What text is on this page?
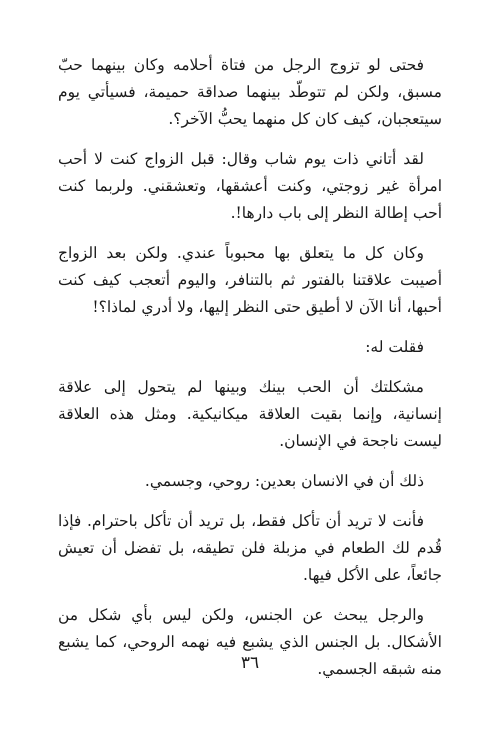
فحتى لو تزوج الرجل من فتاة أحلامه وكان بينهما حبّ مسبق، ولكن لم تتوطّد بينهما صداقة حميمة، فسيأتي يوم سيتعجبان، كيف كان كل منهما يحبُّ الآخر؟.

لقد أتاني ذات يوم شاب وقال: قبل الزواج كنت لا أحب امرأة غير زوجتي، وكنت أعشقها، وتعشقني. ولربما كنت أحب إطالة النظر إلى باب دارها!.

وكان كل ما يتعلق بها محبوباً عندي. ولكن بعد الزواج أصيبت علاقتنا بالفتور ثم بالتنافر، واليوم أتعجب كيف كنت أحبها، أنا الآن لا أطيق حتى النظر إليها، ولا أدري لماذا؟!

فقلت له:

مشكلتك أن الحب بينك وبينها لم يتحول إلى علاقة إنسانية، وإنما بقيت العلاقة ميكانيكية. ومثل هذه العلاقة ليست ناجحة في الإنسان.

ذلك أن في الانسان بعدين: روحي، وجسمي.

فأنت لا تريد أن تأكل فقط، بل تريد أن تأكل باحترام. فإذا قُدم لك الطعام في مزبلة فلن تطيقه، بل تفضل أن تعيش جائعاً، على الأكل فيها.

والرجل يبحث عن الجنس، ولكن ليس بأي شكل من الأشكال. بل الجنس الذي يشبع فيه نهمه الروحي، كما يشبع منه شبقه الجسمي.

٣٦
